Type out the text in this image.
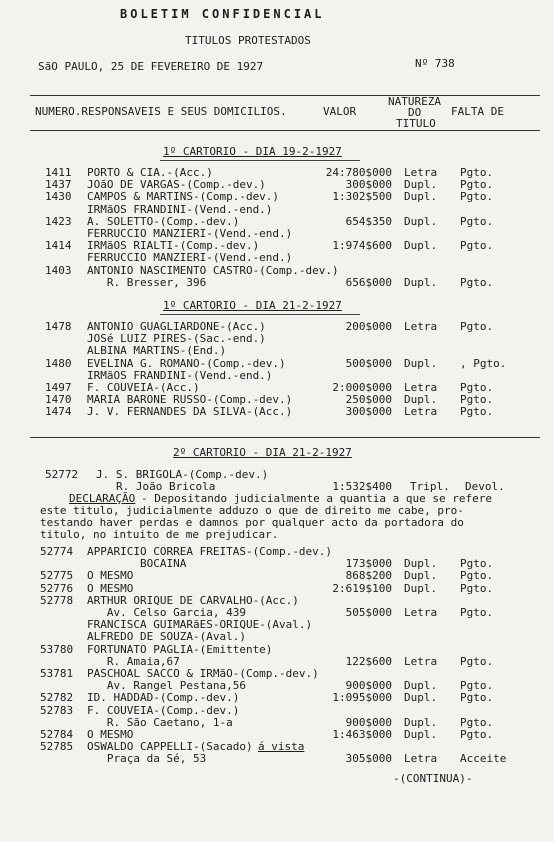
BOLETIM CONFIDENCIAL
TITULOS PROTESTADOS
SãO PAULO, 25 DE FEVEREIRO DE 1927	Nº 738
NUMERO.RESPONSAVEIS E SEUS DOMICILIOS.	VALOR
NATUREZA
DO
TITULO
FALTA DE
1º CARTORIO - DIA 19-2-1927
1411 PORTO & CIA.-(Acc.)	24:780$000 Letra Pgto.
1437 JOãO DE VARGAS-(Comp.-dev.)	300$000 Dupl. Pgto.
1430 CAMPOS & MARTINS-(Comp.-dev.)	1:302$500 Dupl. Pgto.
IRMãOS FRANDINI-(Vend.-end.)
1423 A. SOLETTO-(Comp.-dev.)	654$350 Dupl. Pgto.
FERRUCCIO MANZIERI-(Vend.-end.)
1414 IRMãOS RIALTI-(Comp.-dev.)	1:974$600 Dupl. Pgto.
FERRUCCIO MANZIERI-(Vend.-end.)
1403 ANTONIO NASCIMENTO CASTRO-(Comp.-dev.)
R. Bresser, 396	656$000 Dupl. Pgto.
1º CARTORIO - DIA 21-2-1927
1478 ANTONIO GUAGLIARDONE-(Acc.)	200$000 Letra Pgto.
JOSé LUIZ PIRES-(Sac.-end.)
ALBINA MARTINS-(End.)
1480 EVELINA G. ROMANO-(Comp.-dev.)	500$000 Dupl. , Pgto.
IRMãOS FRANDINI-(Vend.-end.)
1497 F. COUVEIA-(Acc.)	2:000$000 Letra Pgto.
1470 MARIA BARONE RUSSO-(Comp.-dev.)	250$000 Dupl. Pgto.
1474 J. V. FERNANDES DA SILVA-(Acc.)	300$000 Letra Pgto.
2º CARTORIO - DIA 21-2-1927
52772 J. S. BRIGOLA-(Comp.-dev.)
R. João Bricola	1:532$400 Tripl. Devol.
DECLARAÇÃO - Depositando judicialmente a quantia a que se refere
este titulo, judicialmente adduzo o que de direito me cabe, pro-
testando haver perdas e damnos por qualquer acto da portadora do
titulo, no intuito de me prejudicar.
52774 APPARICIO CORREA FREITAS-(Comp.-dev.)
BOCAINA	173$000 Dupl. Pgto.
52775 O MESMO	868$200 Dupl. Pgto.
52776 O MESMO	2:619$100 Dupl. Pgto.
52778 ARTHUR ORIQUE DE CARVALHO-(Acc.)
Av. Celso Garcia, 439	505$000 Letra Pgto.
FRANCISCA GUIMARãES-ORIQUE-(Aval.)
ALFREDO DE SOUZA-(Aval.)
53780 FORTUNATO PAGLIA-(Emittente)
R. Amaia,67	122$600 Letra Pgto.
53781 PASCHOAL SACCO & IRMãO-(Comp.-dev.)
Av. Rangel Pestana,56	900$000 Dupl. Pgto.
52782 ID. HADDAD-(Comp.-dev.)	1:095$000 Dupl. Pgto.
52783 F. COUVEIA-(Comp.-dev.)
R. São Caetano, 1-a	900$000 Dupl. Pgto.
52784 O MESMO	1:463$000 Dupl. Pgto.
52785 OSWALDO CAPPELLI-(Sacado)
Praça da Sé, 53	305$000 Letra Acceite
á vista
-(CONTINUA)-
